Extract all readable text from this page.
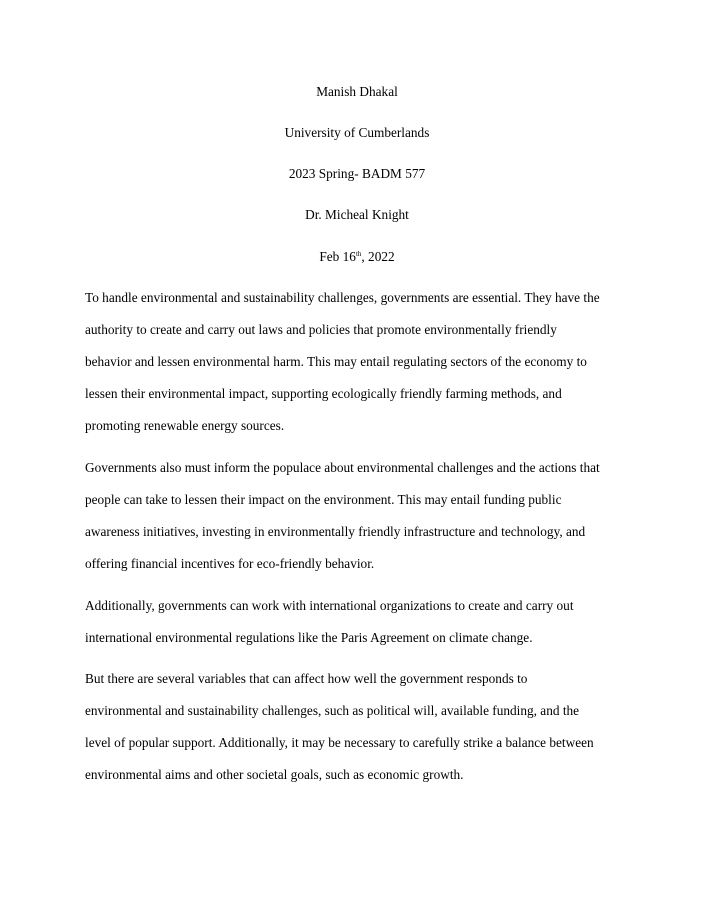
Manish Dhakal
University of Cumberlands
2023 Spring- BADM 577
Dr. Micheal Knight
Feb 16th, 2022
To handle environmental and sustainability challenges, governments are essential. They have the
authority to create and carry out laws and policies that promote environmentally friendly
behavior and lessen environmental harm. This may entail regulating sectors of the economy to
lessen their environmental impact, supporting ecologically friendly farming methods, and
promoting renewable energy sources.
Governments also must inform the populace about environmental challenges and the actions that
people can take to lessen their impact on the environment. This may entail funding public
awareness initiatives, investing in environmentally friendly infrastructure and technology, and
offering financial incentives for eco-friendly behavior.
Additionally, governments can work with international organizations to create and carry out
international environmental regulations like the Paris Agreement on climate change.
But there are several variables that can affect how well the government responds to
environmental and sustainability challenges, such as political will, available funding, and the
level of popular support. Additionally, it may be necessary to carefully strike a balance between
environmental aims and other societal goals, such as economic growth.
